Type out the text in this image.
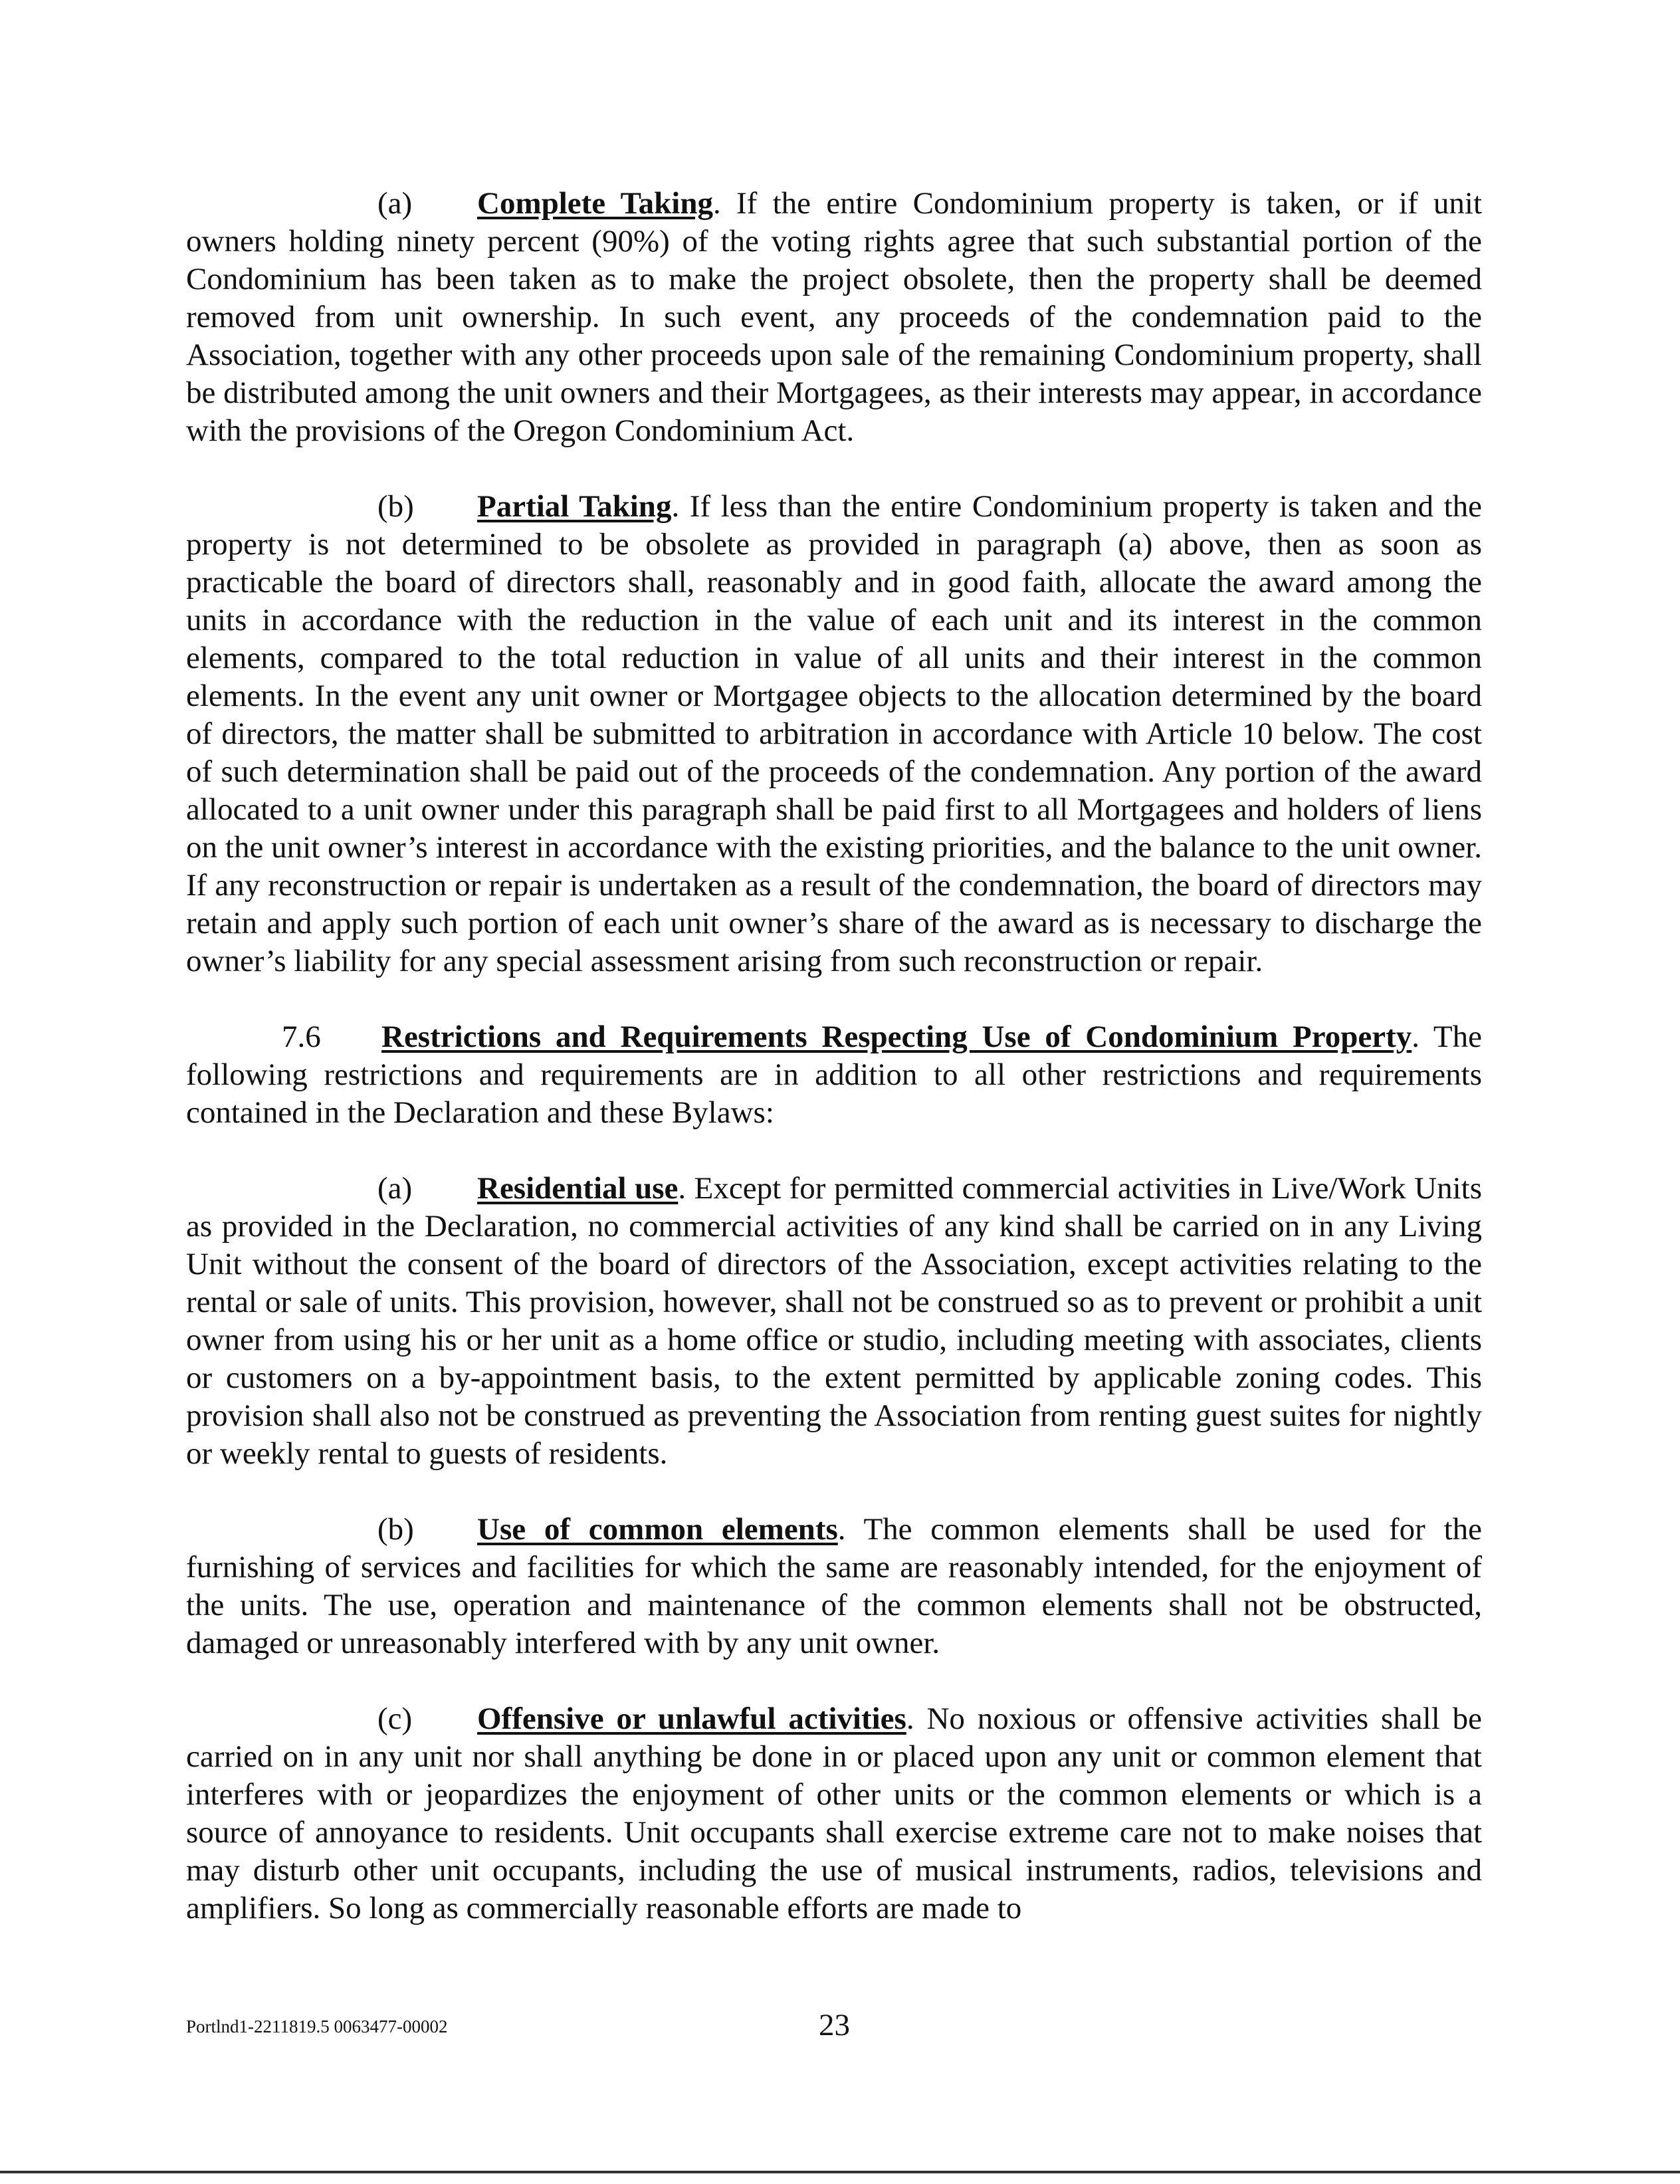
(a) Complete Taking. If the entire Condominium property is taken, or if unit owners holding ninety percent (90%) of the voting rights agree that such substantial portion of the Condominium has been taken as to make the project obsolete, then the property shall be deemed removed from unit ownership. In such event, any proceeds of the condemnation paid to the Association, together with any other proceeds upon sale of the remaining Condominium property, shall be distributed among the unit owners and their Mortgagees, as their interests may appear, in accordance with the provisions of the Oregon Condominium Act.

(b) Partial Taking. If less than the entire Condominium property is taken and the property is not determined to be obsolete as provided in paragraph (a) above, then as soon as practicable the board of directors shall, reasonably and in good faith, allocate the award among the units in accordance with the reduction in the value of each unit and its interest in the common elements, compared to the total reduction in value of all units and their interest in the common elements. In the event any unit owner or Mortgagee objects to the allocation determined by the board of directors, the matter shall be submitted to arbitration in accordance with Article 10 below. The cost of such determination shall be paid out of the proceeds of the condemnation. Any portion of the award allocated to a unit owner under this paragraph shall be paid first to all Mortgagees and holders of liens on the unit owner’s interest in accordance with the existing priorities, and the balance to the unit owner. If any reconstruction or repair is undertaken as a result of the condemnation, the board of directors may retain and apply such portion of each unit owner’s share of the award as is necessary to discharge the owner’s liability for any special assessment arising from such reconstruction or repair.

7.6 Restrictions and Requirements Respecting Use of Condominium Property. The following restrictions and requirements are in addition to all other restrictions and requirements contained in the Declaration and these Bylaws:

(a) Residential use. Except for permitted commercial activities in Live/Work Units as provided in the Declaration, no commercial activities of any kind shall be carried on in any Living Unit without the consent of the board of directors of the Association, except activities relating to the rental or sale of units. This provision, however, shall not be construed so as to prevent or prohibit a unit owner from using his or her unit as a home office or studio, including meeting with associates, clients or customers on a by-appointment basis, to the extent permitted by applicable zoning codes. This provision shall also not be construed as preventing the Association from renting guest suites for nightly or weekly rental to guests of residents.

(b) Use of common elements. The common elements shall be used for the furnishing of services and facilities for which the same are reasonably intended, for the enjoyment of the units. The use, operation and maintenance of the common elements shall not be obstructed, damaged or unreasonably interfered with by any unit owner.

(c) Offensive or unlawful activities. No noxious or offensive activities shall be carried on in any unit nor shall anything be done in or placed upon any unit or common element that interferes with or jeopardizes the enjoyment of other units or the common elements or which is a source of annoyance to residents. Unit occupants shall exercise extreme care not to make noises that may disturb other unit occupants, including the use of musical instruments, radios, televisions and amplifiers. So long as commercially reasonable efforts are made to

Portlnd1-2211819.5 0063477-00002	23
